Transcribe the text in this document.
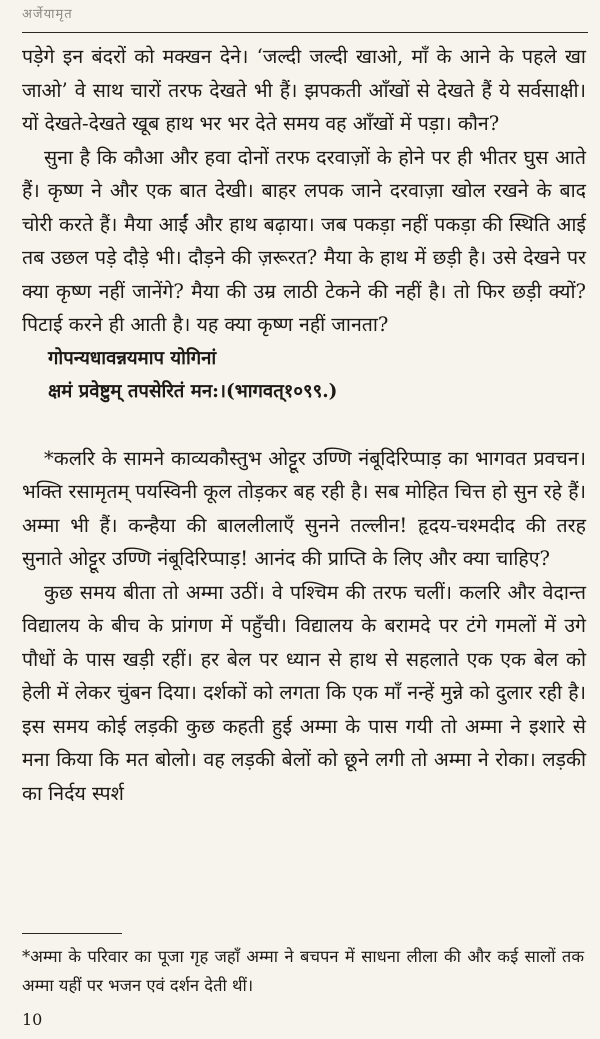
अर्जेयामृत

पड़ेगे इन बंदरों को मक्खन देने। ‘जल्दी जल्दी खाओ, माँ के आने के पहले खा जाओ’ वे साथ चारों तरफ देखते भी हैं। झपकती आँखों से देखते हैं ये सर्वसाक्षी। यों देखते-देखते खूब हाथ भर भर देते समय वह आँखों में पड़ा। कौन?

सुना है कि कौआ और हवा दोनों तरफ दरवाज़ों के होने पर ही भीतर घुस आते हैं। कृष्ण ने और एक बात देखी। बाहर लपक जाने दरवाज़ा खोल रखने के बाद चोरी करते हैं। मैया आईं और हाथ बढ़ाया। जब पकड़ा नहीं पकड़ा की स्थिति आई तब उछल पड़े दौड़े भी। दौड़ने की ज़रूरत? मैया के हाथ में छड़ी है। उसे देखने पर क्या कृष्ण नहीं जानेंगे? मैया की उम्र लाठी टेकने की नहीं है। तो फिर छड़ी क्यों? पिटाई करने ही आती है। यह क्या कृष्ण नहीं जानता?

गोपन्यधावन्नयमाप योगिनां

क्षमं प्रवेष्टुम् तपसेरितं मन:।(भागवत्१०९९.)

*कलरि के सामने काव्यकौस्तुभ ओट्टूर उण्णि नंबूदिरिप्पाड़ का भागवत प्रवचन। भक्ति रसामृतम् पयस्विनी कूल तोड़कर बह रही है। सब मोहित चित्त हो सुन रहे हैं। अम्मा भी हैं। कन्हैया की बाललीलाएँ सुनने तल्लीन! हृदय-चश्मदीद की तरह सुनाते ओट्टूर उण्णि नंबूदिरिप्पाड़! आनंद की प्राप्ति के लिए और क्या चाहिए?

कुछ समय बीता तो अम्मा उठीं। वे पश्चिम की तरफ चलीं। कलरि और वेदान्त विद्यालय के बीच के प्रांगण में पहुँची। विद्यालय के बरामदे पर टंगे गमलों में उगे पौधों के पास खड़ी रहीं। हर बेल पर ध्यान से हाथ से सहलाते एक एक बेल को हेली में लेकर चुंबन दिया। दर्शकों को लगता कि एक माँ नन्हें मुन्ने को दुलार रही है। इस समय कोई लड़की कुछ कहती हुई अम्मा के पास गयी तो अम्मा ने इशारे से मना किया कि मत बोलो। वह लड़की बेलों को छूने लगी तो अम्मा ने रोका। लड़की का निर्दय स्पर्श

*अम्मा के परिवार का पूजा गृह जहाँ अम्मा ने बचपन में साधना लीला की और कई सालों तक अम्मा यहीं पर भजन एवं दर्शन देती थीं।

10
